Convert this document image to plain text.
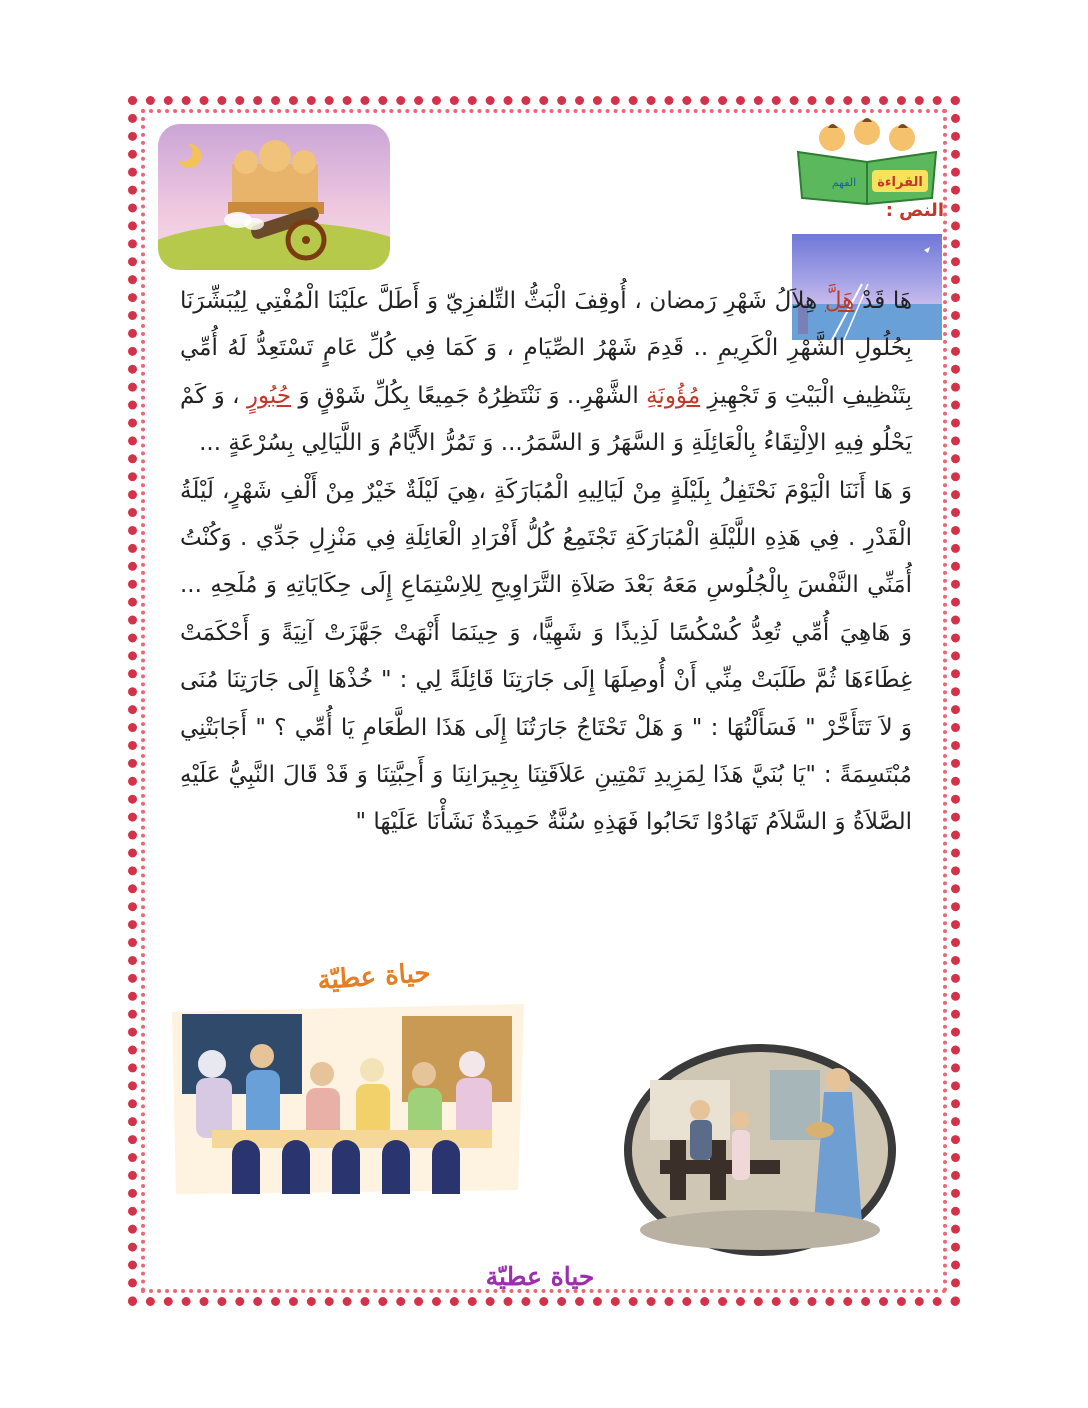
القراءة
الفهم
النص :
هَا قَدْ هَلَّ هِلاَلُ شَهْرِ رَمضان ، أُوقِفَ الْبَثُّ التِّلفزِيّ وَ أَطَلَّ علَيْنَا الْمُفْتِي لِيُبَشِّرَنَا بِحُلُولِ الشَّهْرِ الْكَرِيمِ .. قَدِمَ شَهْرُ الصِّيَامِ ، وَ كَمَا فِي كُلِّ عَامٍ تَسْتَعِدُّ لَهُ أُمِّي بِتَنْظِيفِ الْبَيْتِ وَ تَجْهِيزِ مُؤُونَةِ الشَّهْرِ.. وَ نَنْتَظِرُهُ جَمِيعًا بِكُلِّ شَوْقٍ وَ حُبُورٍ ، وَ كَمْ يَحْلُو فِيهِ الاِلْتِقَاءُ بِالْعَائِلَةِ وَ السَّهَرُ وَ السَّمَرُ... وَ تَمُرُّ الأَيَّامُ وَ اللَّيَالِي بِسُرْعَةٍ ...
وَ هَا أَنَنَا الْيَوْمَ نَحْتَفِلُ بِلَيْلَةٍ مِنْ لَيَالِيهِ الْمُبَارَكَةِ ،هِيَ لَيْلَةٌ خَيْرٌ مِنْ أَلْفِ شَهْرٍ، لَيْلَةُ الْقَدْرِ . فِي هَذِهِ اللَّيْلَةِ الْمُبَارَكَةِ تَجْتَمِعُ كُلُّ أَفْرَادِ الْعَائِلَةِ فِي مَنْزِلِ جَدِّي . وَكُنْتُ أُمَنِّي النَّفْسَ بِالْجُلُوسِ مَعَهُ بَعْدَ صَلاَةِ التَّرَاوِيحِ لِلاِسْتِمَاعِ إِلَى حِكَايَاتِهِ وَ مُلَحِهِ ... وَ هَاهِيَ أُمِّي تُعِدُّ كُسْكُسًا لَذِيذًا وَ شَهِيًّا، وَ حِينَمَا أَنْهَتْ جَهَّزَتْ آنِيَةً وَ أَحْكَمَتْ غِطَاءَهَا ثُمَّ طَلَبَتْ مِنِّي أَنْ أُوصِلَهَا إِلَى جَارَتِنَا قَائِلَةً لِي : " خُذْهَا إِلَى جَارَتِنَا مُنَى وَ لاَ تَتَأَخَّرْ " فَسَأَلْتُهَا : " وَ هَلْ تَحْتَاجُ جَارَتُنَا إِلَى هَذَا الطَّعَامِ يَا أُمِّي ؟ " أَجَابَتْنِي مُبْتَسِمَةً : "يَا بُنَيَّ هَذَا لِمَزِيدِ تَمْتِينِ عَلاَقَتِنَا بِجِيرَانِنَا وَ أَحِبَّتِنَا وَ قَدْ قَالَ النَّبِيُّ عَلَيْهِ الصَّلاَةُ وَ السَّلاَمُ تَهَادُوْا تَحَابُوا فَهَذِهِ سُنَّةٌ حَمِيدَةٌ نَشَأْنَا عَلَيْهَا "
حياة عطيّة
حياة عطيّة
